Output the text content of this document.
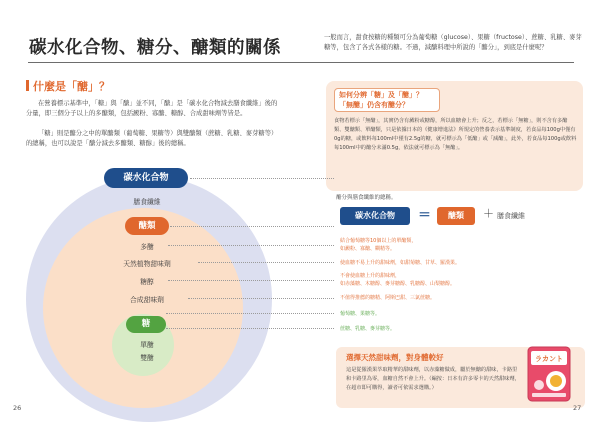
碳水化合物、糖分、醣類的關係
一般而言，甜食按糖的種類可分為葡萄糖（glucose）、果糖（fructose）、蔗糖、乳糖、麥芽糖等，包含了各式各樣的糖。不過，減醣料理中所說的「醣分」，到底是什麼呢？
什麼是「醣」？
在營養標示基準中，「糖」與「醣」並不同，「醣」是「碳水化合物減去膳食纖維」後的分量，即三個分子以上的多醣類，包括澱粉、寡醣、糖醇、合成甜味劑等皆是。
「糖」則是醣分之中的單醣類（葡萄糖、果糖等）與雙醣類（蔗糖、乳糖、麥芽糖等）的總稱，也可以說是「醣分減去多醣類、糖醇」後的總稱。
如何分辨「糖」及「醣」？
「無醣」仍含有醣分？
食物若標示「無醣」，其實仍含有澱粉或糖醇，所以血糖會上升；反之，若標示「無糖」，則不含有多醣類、雙醣類、單醣類，只是依據日本的《健康增進法》所規定的營養表示基準制度，若食品每100g中僅有0g的糖，或飲料每100ml中僅有2.5g的糖，就可標示為「低醣」或「減醣」，此外，若食品每100g或飲料每100ml中的醣分未滿0.5g，依法就可標示為「無醣」。
碳水化合物
膳食纖維
醣類
多醣
天然植物甜味劑
糖醇
合成甜味劑
糖
單醣
雙醣
醣分與膳食纖維的總稱。
碳水化合物	＝	醣類	＋ 膳食纖維
結合葡萄糖等10個以上的單醣類，
如澱粉、寡醣、糊精等。
使血糖不易上升的甜味劑，如甜菊糖、甘草、羅漢果。
不會使血糖上升的甜味劑，
如赤藻糖、木糖醇、麥芽糖醇、乳糖醇、山梨糖醇。
不值得推薦的糖精、阿斯巴甜、三氯蔗糖。
葡萄糖、果糖等。
蔗糖、乳糖、麥芽糖等。
選擇天然甜味劑，對身體較好
這是從羅漢果萃取精華的甜味劑，以赤藻糖做成，屬於無醣的甜味，卡路里和卡路里為零，血糖自然不會上升。（編按：日本有許多零卡的天然甜味劑，在超市即可購得，讀者可依需求選購。）
ラカント
26	27
